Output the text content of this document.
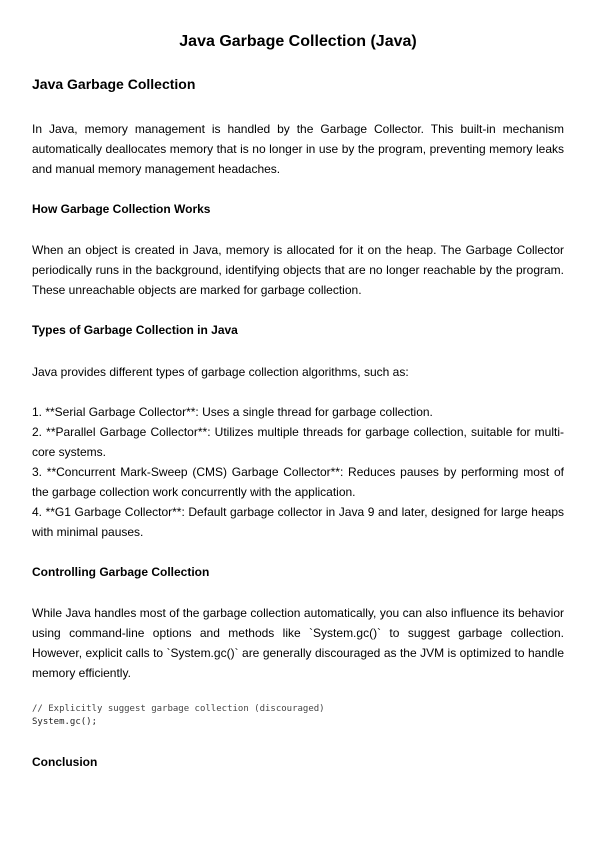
Java Garbage Collection (Java)
Java Garbage Collection

In Java, memory management is handled by the Garbage Collector. This built-in mechanism automatically deallocates memory that is no longer in use by the program, preventing memory leaks and manual memory management headaches.

How Garbage Collection Works

When an object is created in Java, memory is allocated for it on the heap. The Garbage Collector periodically runs in the background, identifying objects that are no longer reachable by the program. These unreachable objects are marked for garbage collection.

Types of Garbage Collection in Java

Java provides different types of garbage collection algorithms, such as:

1. **Serial Garbage Collector**: Uses a single thread for garbage collection.
2. **Parallel Garbage Collector**: Utilizes multiple threads for garbage collection, suitable for multi-core systems.
3. **Concurrent Mark-Sweep (CMS) Garbage Collector**: Reduces pauses by performing most of the garbage collection work concurrently with the application.
4. **G1 Garbage Collector**: Default garbage collector in Java 9 and later, designed for large heaps with minimal pauses.
Controlling Garbage Collection

While Java handles most of the garbage collection automatically, you can also influence its behavior using command-line options and methods like `System.gc()` to suggest garbage collection. However, explicit calls to `System.gc()` are generally discouraged as the JVM is optimized to handle memory efficiently.

// Explicitly suggest garbage collection (discouraged)
System.gc();
Conclusion
